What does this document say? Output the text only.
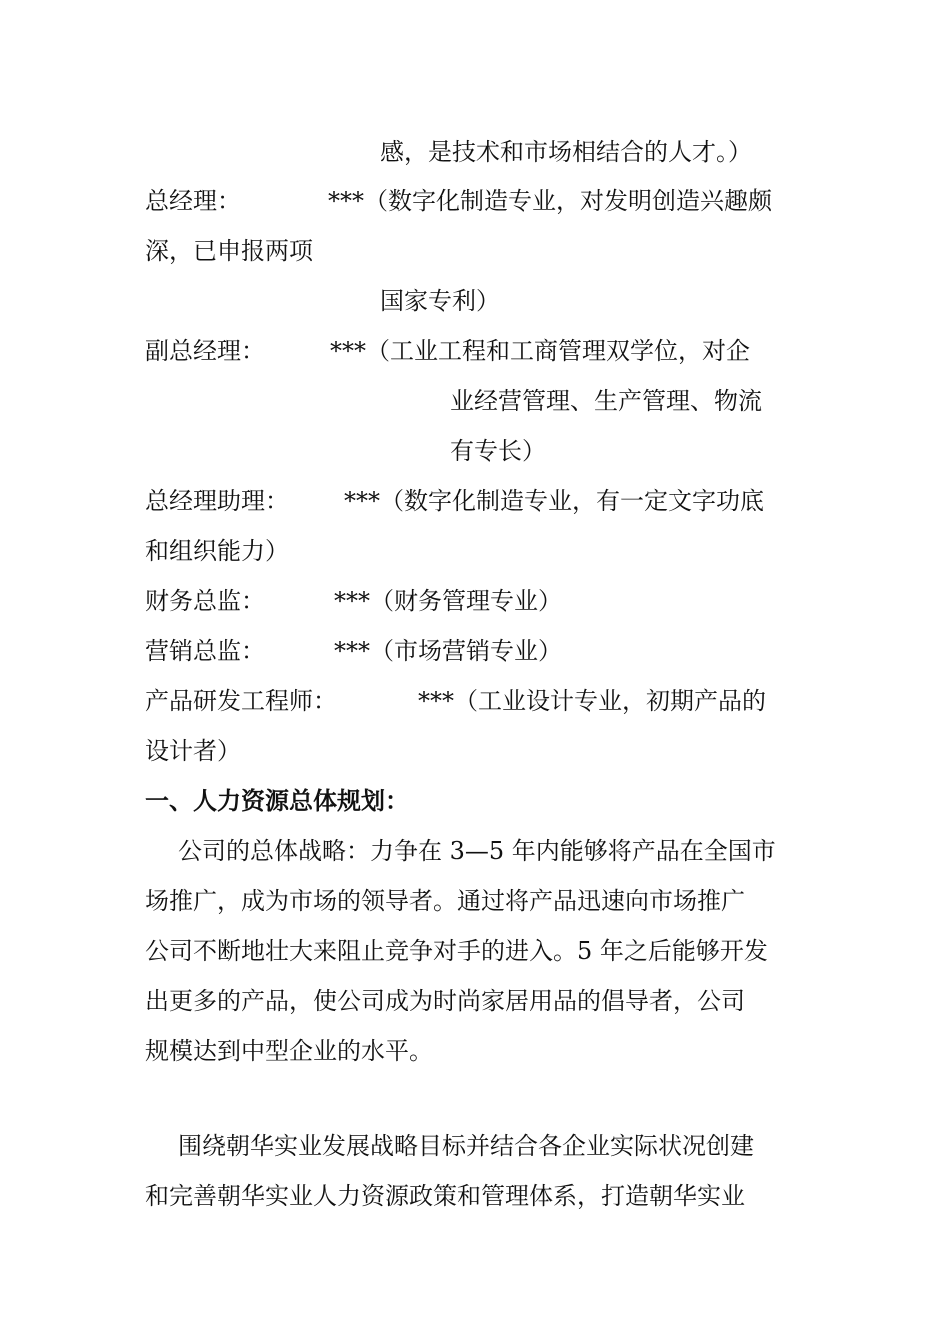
感，是技术和市场相结合的人才。）
总经理：	***（数字化制造专业，对发明创造兴趣颇
深，已申报两项
国家专利）
副总经理：	***（工业工程和工商管理双学位，对企
业经营管理、生产管理、物流
有专长）
总经理助理： ***（数字化制造专业，有一定文字功底
和组织能力）
财务总监：	***（财务管理专业）
营销总监：	***（市场营销专业）
产品研发工程师：	***（工业设计专业，初期产品的
设计者）
一、人力资源总体规划：
公司的总体战略：力争在 3—5 年内能够将产品在全国市
场推广，成为市场的领导者。通过将产品迅速向市场推广
公司不断地壮大来阻止竞争对手的进入。5 年之后能够开发
出更多的产品，使公司成为时尚家居用品的倡导者，公司
规模达到中型企业的水平。
围绕朝华实业发展战略目标并结合各企业实际状况创建
和完善朝华实业人力资源政策和管理体系，打造朝华实业
